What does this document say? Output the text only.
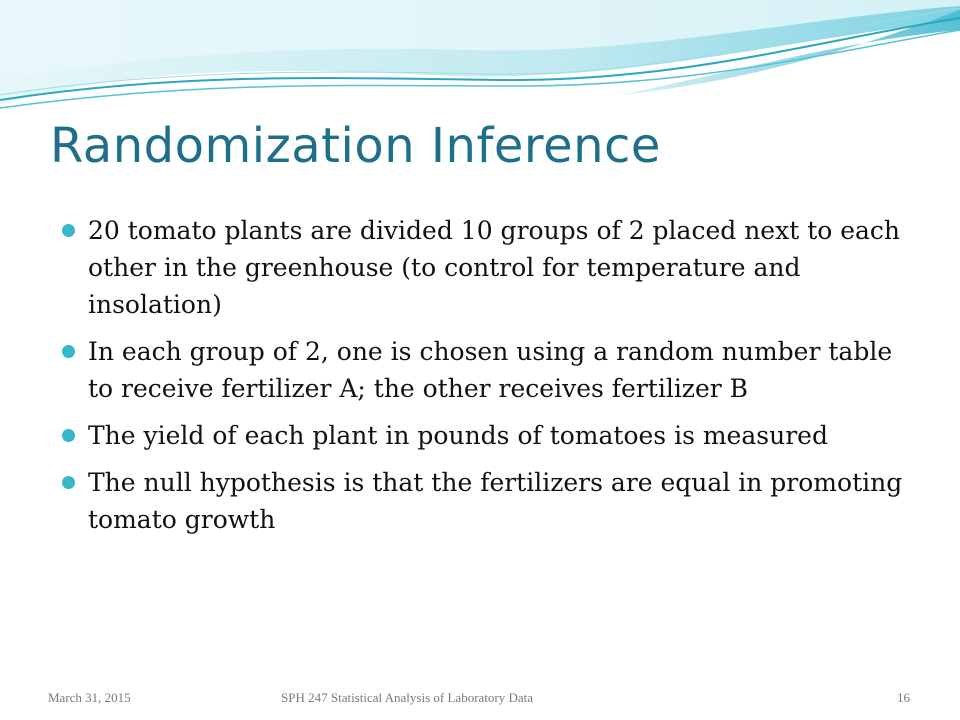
Randomization Inference
20 tomato plants are divided 10 groups of 2 placed next to each other in the greenhouse (to control for temperature and insolation)
In each group of 2, one is chosen using a random number table to receive fertilizer A; the other receives fertilizer B
The yield of each plant in pounds of tomatoes is measured
The null hypothesis is that the fertilizers are equal in promoting tomato growth
March 31, 2015	SPH 247 Statistical Analysis of Laboratory Data	16
